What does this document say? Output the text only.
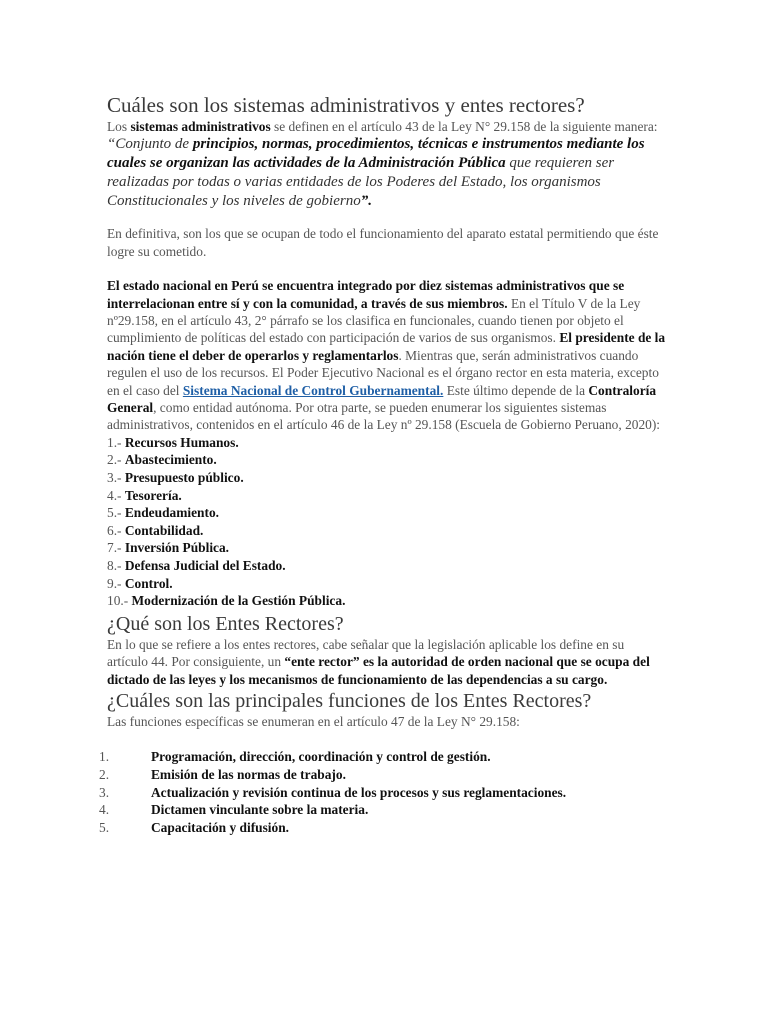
Cuáles son los sistemas administrativos y entes rectores?

Los sistemas administrativos se definen en el artículo 43 de la Ley N° 29.158 de la siguiente manera:

“Conjunto de principios, normas, procedimientos, técnicas e instrumentos mediante los cuales se organizan las actividades de la Administración Pública que requieren ser realizadas por todas o varias entidades de los Poderes del Estado, los organismos Constitucionales y los niveles de gobierno”.

En definitiva, son los que se ocupan de todo el funcionamiento del aparato estatal permitiendo que éste logre su cometido.

El estado nacional en Perú se encuentra integrado por diez sistemas administrativos que se interrelacionan entre sí y con la comunidad, a través de sus miembros. En el Título V de la Ley nº29.158, en el artículo 43, 2° párrafo se los clasifica en funcionales, cuando tienen por objeto el cumplimiento de políticas del estado con participación de varios de sus organismos. El presidente de la nación tiene el deber de operarlos y reglamentarlos. Mientras que, serán administrativos cuando regulen el uso de los recursos. El Poder Ejecutivo Nacional es el órgano rector en esta materia, excepto en el caso del Sistema Nacional de Control Gubernamental. Este último depende de la Contraloría General, como entidad autónoma. Por otra parte, se pueden enumerar los siguientes sistemas administrativos, contenidos en el artículo 46 de la Ley nº 29.158 (Escuela de Gobierno Peruano, 2020):

1.- Recursos Humanos.
2.- Abastecimiento.
3.- Presupuesto público.
4.- Tesorería.
5.- Endeudamiento.
6.- Contabilidad.
7.- Inversión Pública.
8.- Defensa Judicial del Estado.
9.- Control.
10.- Modernización de la Gestión Pública.
¿Qué son los Entes Rectores?

En lo que se refiere a los entes rectores, cabe señalar que la legislación aplicable los define en su artículo 44. Por consiguiente, un “ente rector” es la autoridad de orden nacional que se ocupa del dictado de las leyes y los mecanismos de funcionamiento de las dependencias a su cargo.

¿Cuáles son las principales funciones de los Entes Rectores?

Las funciones específicas se enumeran en el artículo 47 de la Ley N° 29.158:

1.	Programación, dirección, coordinación y control de gestión.
2.	Emisión de las normas de trabajo.
3.	Actualización y revisión continua de los procesos y sus reglamentaciones.
4.	Dictamen vinculante sobre la materia.
5.	Capacitación y difusión.
